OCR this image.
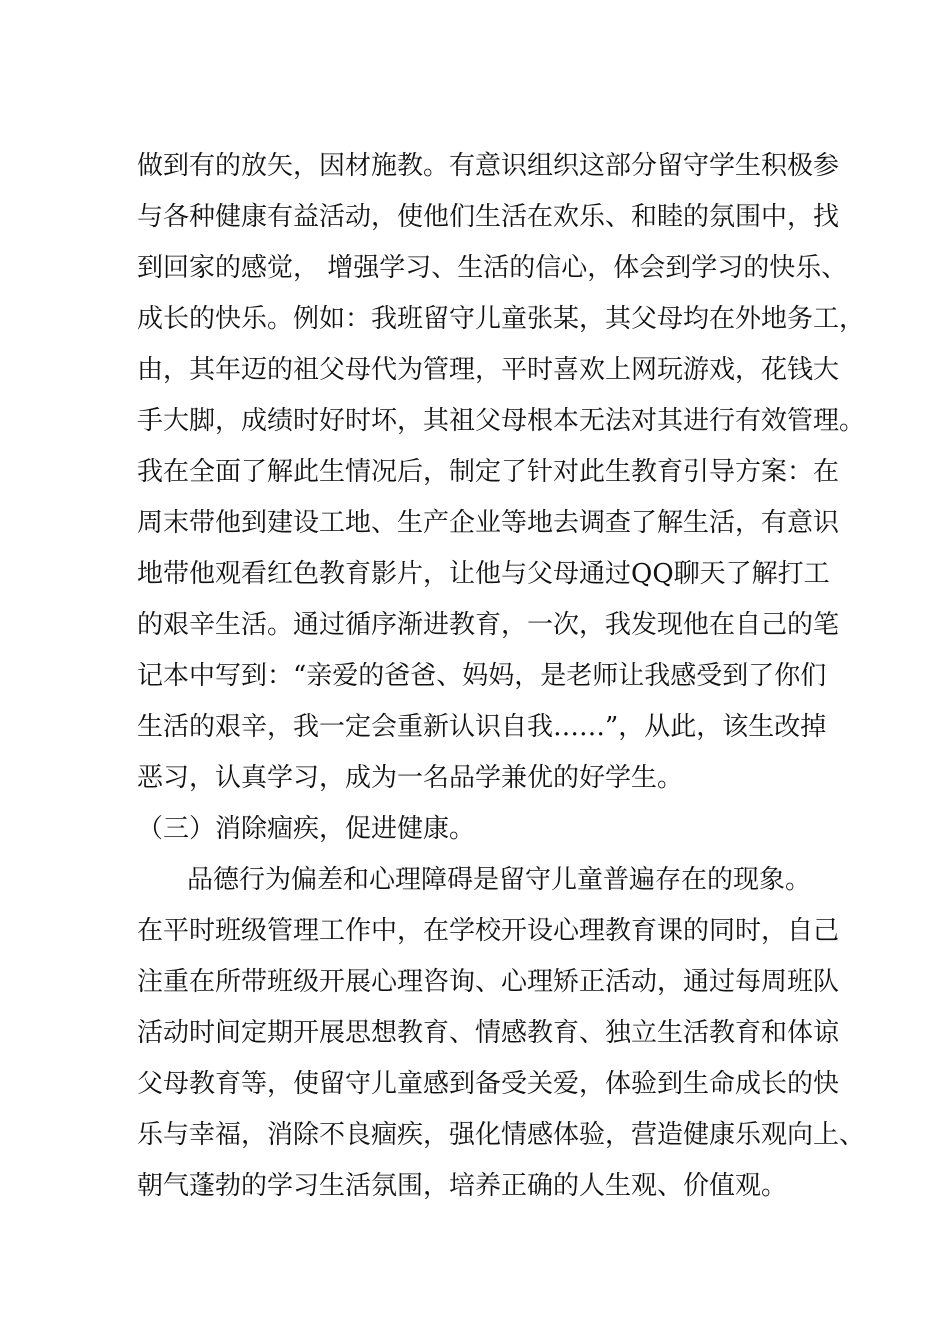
做到有的放矢，因材施教。有意识组织这部分留守学生积极参
与各种健康有益活动，使他们生活在欢乐、和睦的氛围中，找
到回家的感觉， 增强学习、生活的信心，体会到学习的快乐、
成长的快乐。例如：我班留守儿童张某，其父母均在外地务工，
由，其年迈的祖父母代为管理，平时喜欢上网玩游戏，花钱大
手大脚，成绩时好时坏，其祖父母根本无法对其进行有效管理。
我在全面了解此生情况后，制定了针对此生教育引导方案：在
周末带他到建设工地、生产企业等地去调查了解生活，有意识
地带他观看红色教育影片，让他与父母通过QQ聊天了解打工
的艰辛生活。通过循序渐进教育，一次，我发现他在自己的笔
记本中写到：“亲爱的爸爸、妈妈，是老师让我感受到了你们
生活的艰辛，我一定会重新认识自我……”，从此，该生改掉
恶习，认真学习，成为一名品学兼优的好学生。
（三）消除痼疾，促进健康。
品德行为偏差和心理障碍是留守儿童普遍存在的现象。
在平时班级管理工作中，在学校开设心理教育课的同时，自己
注重在所带班级开展心理咨询、心理矫正活动，通过每周班队
活动时间定期开展思想教育、情感教育、独立生活教育和体谅
父母教育等，使留守儿童感到备受关爱，体验到生命成长的快
乐与幸福，消除不良痼疾，强化情感体验，营造健康乐观向上、
朝气蓬勃的学习生活氛围，培养正确的人生观、价值观。
